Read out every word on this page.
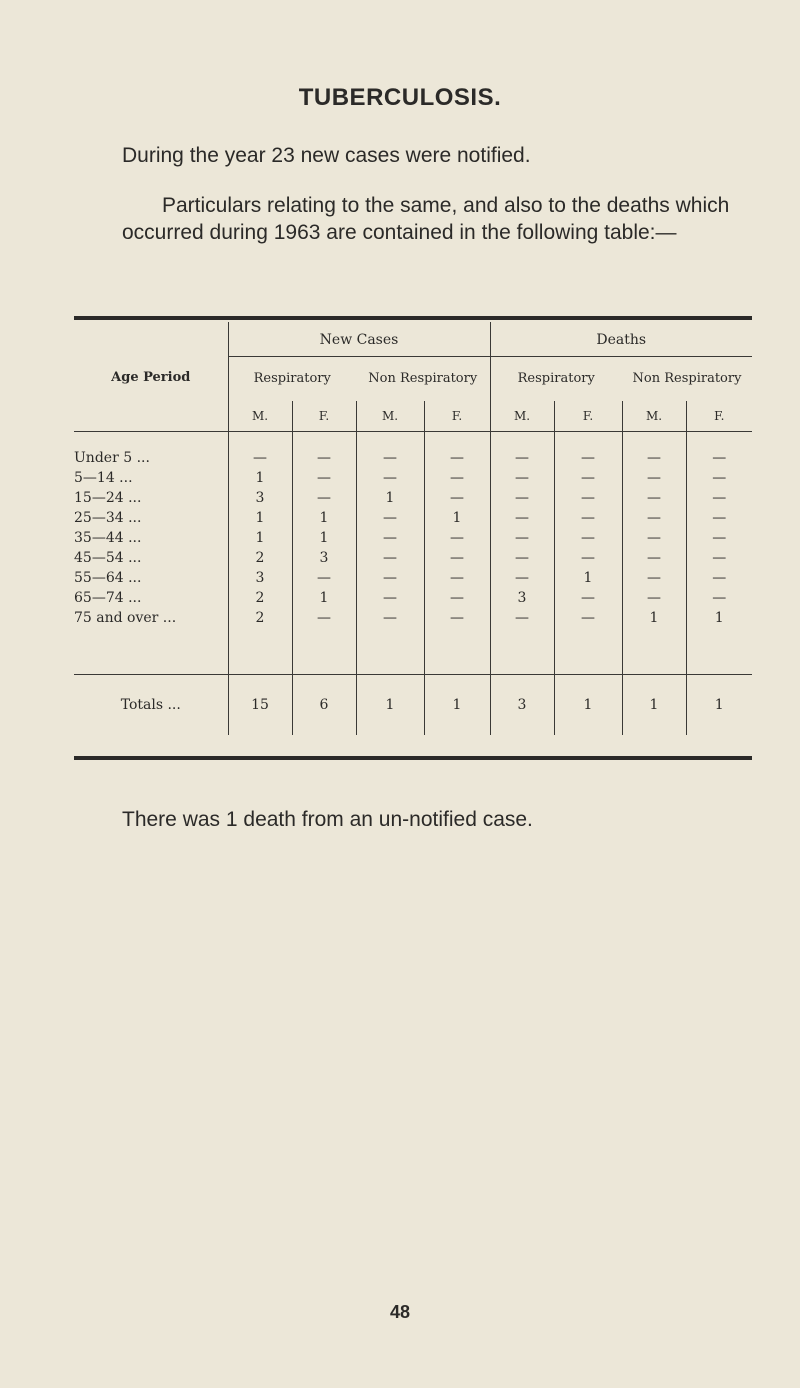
TUBERCULOSIS.
During the year 23 new cases were notified.
Particulars relating to the same, and also to the deaths which occurred during 1963 are contained in the following table:—
Age Period	New Cases				Deaths			
	Respiratory		Non Respiratory		Respiratory		Non Respiratory	
	M.	F.	M.	F.	M.	F.	M.	F.

Under 5 ...	—	—	—	—	—	—	—	—
5—14 ...	1	—	—	—	—	—	—	—
15—24 ...	3	—	1	—	—	—	—	—
25—34 ...	1	1	—	1	—	—	—	—
35—44 ...	1	1	—	—	—	—	—	—
45—54 ...	2	3	—	—	—	—	—	—
55—64 ...	3	—	—	—	—	1	—	—
65—74 ...	2	1	—	—	3	—	—	—
75 and over ...	2	—	—	—	—	—	1	1

Totals ...	15	6	1	1	3	1	1	1
There was 1 death from an un-notified case.
48
